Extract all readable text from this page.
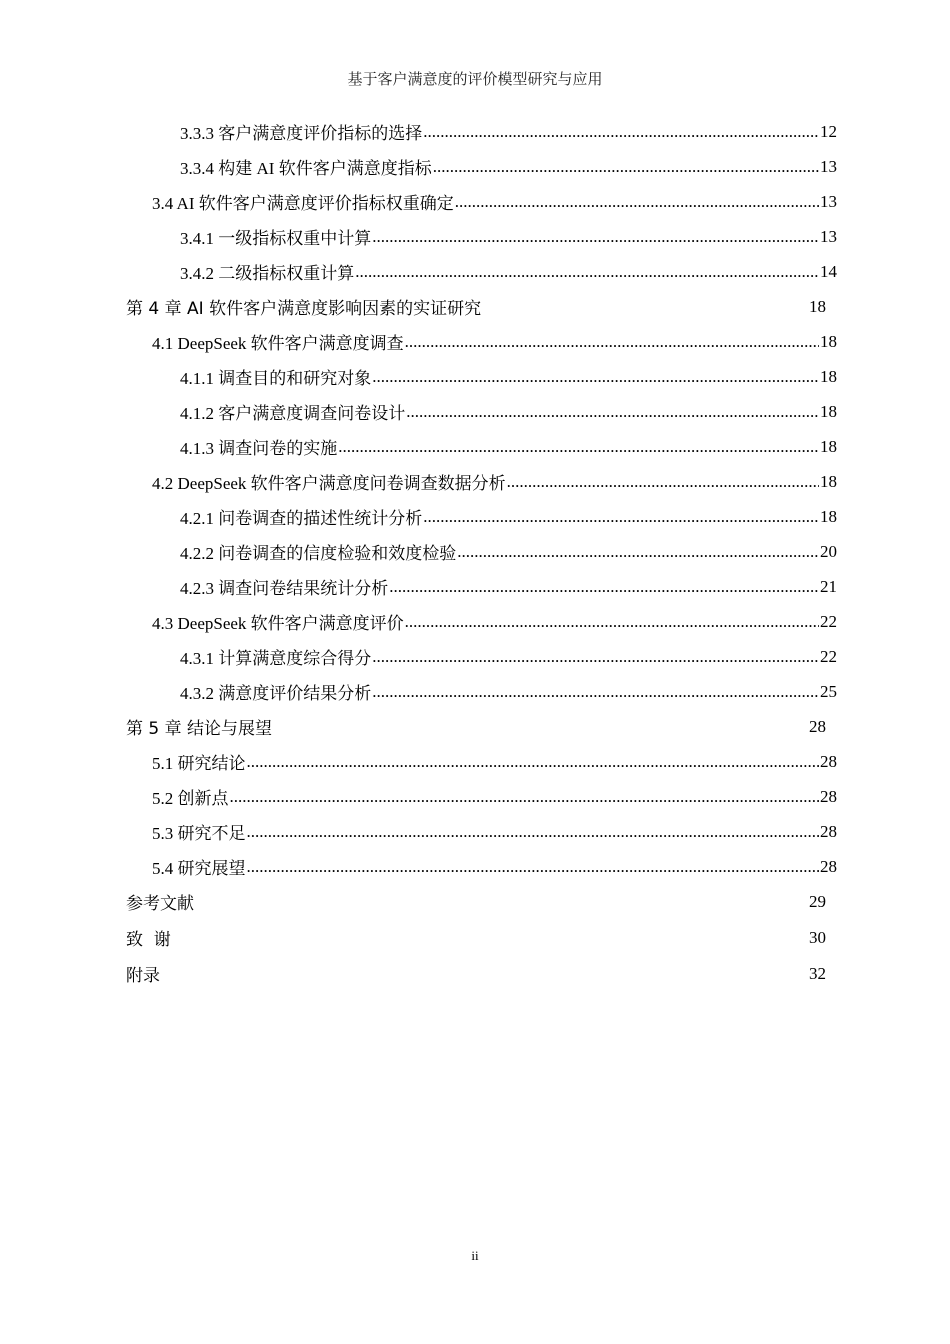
基于客户满意度的评价模型研究与应用
3.3.3 客户满意度评价指标的选择 .....	12
3.3.4 构建 AI 软件客户满意度指标 .....	13
3.4 AI 软件客户满意度评价指标权重确定 .....	13
3.4.1 一级指标权重中计算 .....	13
3.4.2 二级指标权重计算 .....	14
第 4 章 AI 软件客户满意度影响因素的实证研究	18
4.1 DeepSeek 软件客户满意度调查 .....	18
4.1.1 调查目的和研究对象 .....	18
4.1.2 客户满意度调查问卷设计 .....	18
4.1.3 调查问卷的实施 .....	18
4.2 DeepSeek 软件客户满意度问卷调查数据分析 .....	18
4.2.1 问卷调查的描述性统计分析 .....	18
4.2.2 问卷调查的信度检验和效度检验 .....	20
4.2.3 调查问卷结果统计分析 .....	21
4.3 DeepSeek 软件客户满意度评价 .....	22
4.3.1 计算满意度综合得分 .....	22
4.3.2 满意度评价结果分析 .....	25
第 5 章 结论与展望	28
5.1 研究结论 .....	28
5.2 创新点 .....	28
5.3 研究不足 .....	28
5.4 研究展望 .....	28
参考文献	29
致  谢	30
附录	32
ii
